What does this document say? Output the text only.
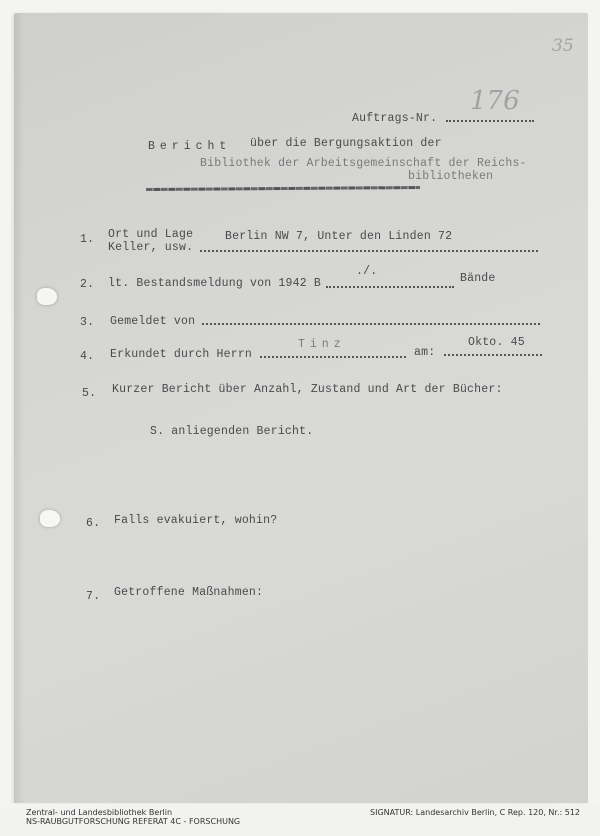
35
Auftrags-Nr.
176
Bericht über die Bergungsaktion der
Bibliothek der Arbeitsgemeinschaft der Reichs-
bibliotheken
1. Ort und Lage
Keller, usw.
Berlin NW 7, Unter den Linden 72
2. lt. Bestandsmeldung von 1942 B
./.
Bände
3. Gemeldet von
4. Erkundet durch Herrn
Tinz
am:
Okto. 45
5. Kurzer Bericht über Anzahl, Zustand und Art der Bücher:
S. anliegenden Bericht.
6. Falls evakuiert, wohin?
7. Getroffene Maßnahmen:
Zentral- und Landesbibliothek Berlin
NS-RAUBGUTFORSCHUNG REFERAT 4C - FORSCHUNG
SIGNATUR: Landesarchiv Berlin, C Rep. 120, Nr.: 512
